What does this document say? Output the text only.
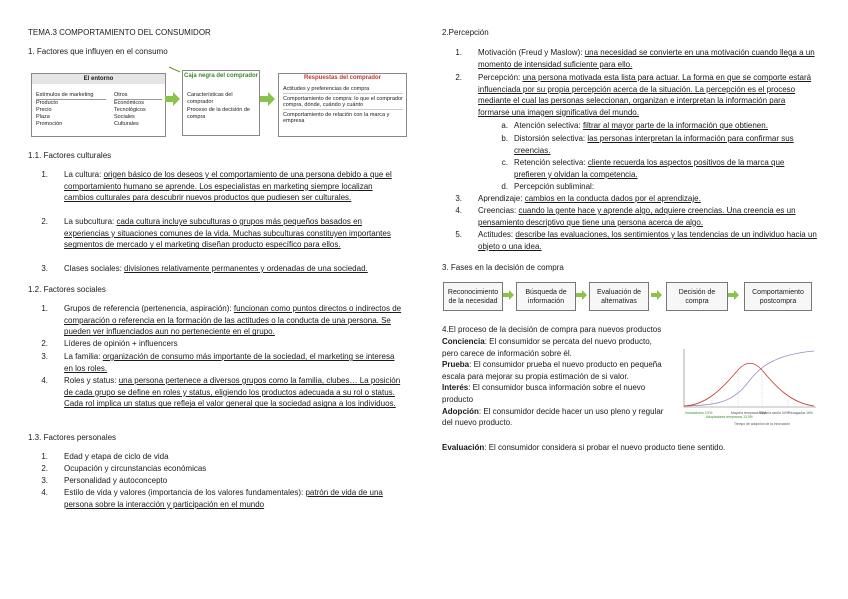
TEMA.3 COMPORTAMIENTO DEL CONSUMIDOR
1. Factores que influyen en el consumo
El entorno
Estímulos de marketing
Producto
Precio
Plaza
Promoción
Otros
Económicos
Tecnológicos
Sociales
Culturales
Caja negra del comprador
Características del comprador
Proceso de la decisión de compra
Respuestas del comprador
Actitudes y preferencias de compra
Comportamiento de compra: lo que el comprador compra, dónde, cuándo y cuánto
Comportamiento de relación con la marca y empresa
1.1. Factores culturales
1. La cultura: origen básico de los deseos y el comportamiento de una persona debido a que el comportamiento humano se aprende. Los especialistas en marketing siempre localizan cambios culturales para descubrir nuevos productos que pudiesen ser culturales.
2. La subcultura: cada cultura incluye subculturas o grupos más pequeños basados en experiencias y situaciones comunes de la vida. Muchas subculturas constituyen importantes segmentos de mercado y el marketing diseñan producto específico para ellos.
3. Clases sociales: divisiones relativamente permanentes y ordenadas de una sociedad.
1.2. Factores sociales
1. Grupos de referencia (pertenencia, aspiración): funcionan como puntos directos o indirectos de comparación o referencia en la formación de las actitudes o la conducta de una persona. Se pueden ver influenciados aun no perteneciente en el grupo.
2. Líderes de opinión + influencers
3. La familia: organización de consumo más importante de la sociedad, el marketing se interesa en los roles.
4. Roles y status: una persona pertenece a diversos grupos como la familia, clubes… La posición de cada grupo se define en roles y status, eligiendo los productos adecuada a su rol o status. Cada rol implica un status que refleja el valor general que la sociedad asigna a los individuos.
1.3. Factores personales
1. Edad y etapa de ciclo de vida
2. Ocupación y circunstancias económicas
3. Personalidad y autoconcepto
4. Estilo de vida y valores (importancia de los valores fundamentales): patrón de vida de una persona sobre la interacción y participación en el mundo
2.Percepción
1. Motivación (Freud y Maslow): una necesidad se convierte en una motivación cuando llega a un momento de intensidad suficiente para ello.
2. Percepción: una persona motivada esta lista para actuar. La forma en que se comporte estará influenciada por su propia percepción acerca de la situación. La percepción es el proceso mediante el cual las personas seleccionan, organizan e interpretan la información para formarse una imagen significativa del mundo.
a. Atención selectiva: filtrar al mayor parte de la información que obtienen.
b. Distorsión selectiva: las personas interpretan la información para confirmar sus creencias.
c. Retención selectiva: cliente recuerda los aspectos positivos de la marca que prefieren y olvidan la competencia.
d. Percepción subliminal:
3. Aprendizaje: cambios en la conducta dados por el aprendizaje.
4. Creencias: cuando la gente hace y aprende algo, adquiere creencias. Una creencia es un pensamiento descriptivo que tiene una persona acerca de algo.
5. Actitudes: describe las evaluaciones, los sentimientos y las tendencias de un individuo hacia un objeto o una idea.
3. Fases en la decisión de compra
Reconocimiento de la necesidad
Búsqueda de información
Evaluación de alternativas
Decisión de compra
Comportamiento postcompra
4.El proceso de la decisión de compra para nuevos productos
Conciencia: El consumidor se percata del nuevo producto, pero carece de información sobre él.
Prueba: El consumidor prueba el nuevo producto en pequeña escala para mejorar su propia estimación de si valor.
Interés: El consumidor busca información sobre el nuevo producto
Adopción: El consumidor decide hacer un uso pleno y regular del nuevo producto.
Evaluación: El consumidor considera si probar el nuevo producto tiene sentido.
Innovadores 2.5%
Adoptadores tempranos 13.5%
Mayoría temprana 34%
Mayoría tardía 34% Rezagados 16%
Tiempo de adopción de la innovación
